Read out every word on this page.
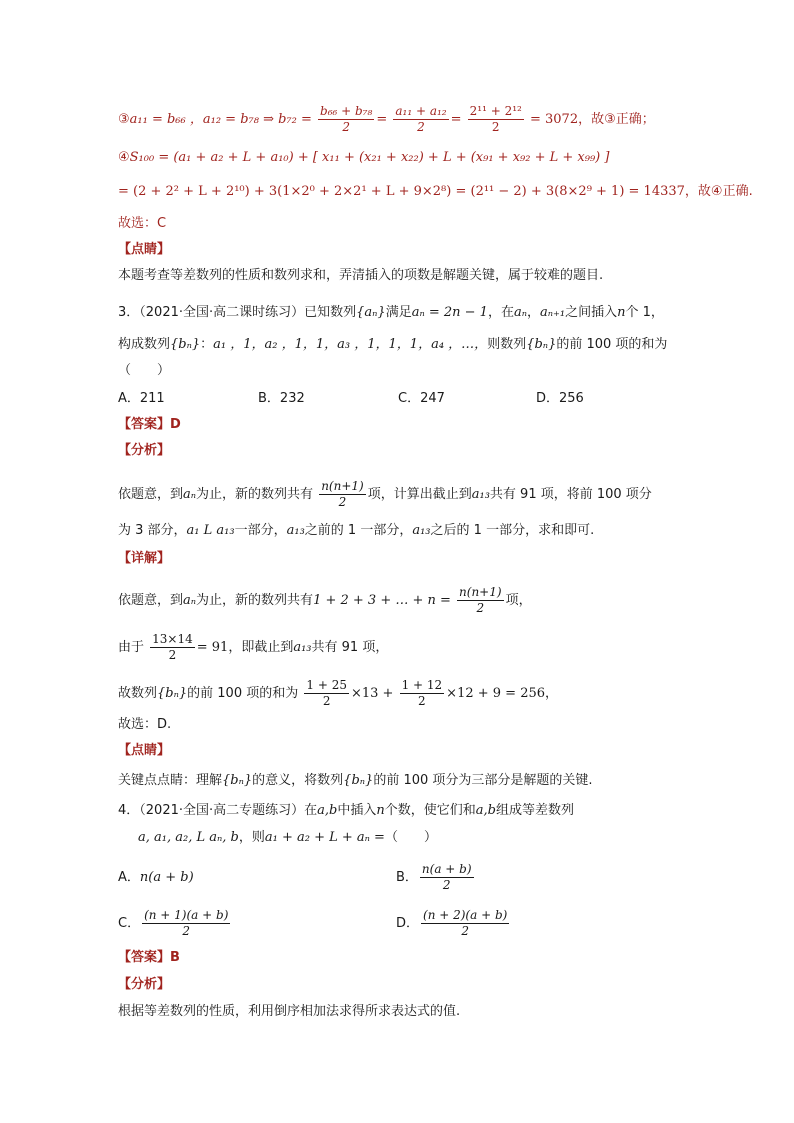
③a₁₁ = b₆₆ ，a₁₂ = b₇₈ ⇒ $b_{72} = \frac{\text{b₆₆ + b₇₈}}{2} = \frac{\text{a₁₁ + a₁₂}}{2} = \frac{\text{2¹¹ + 2¹²}}{2} = 3072$，故③正确；
④S₁₀₀ = (a₁ + a₂ + L + a₁₀) + [ x₁₁ + (x₂₁ + x₂₂) + L + (x₉₁ + x₉₂ + L + x₉₉) ]
= (2 + 2² + L + 2¹⁰) + 3(1×2⁰ + 2×2¹ + L + 9×2⁸) = (2¹¹ − 2) + 3(8×2⁹ + 1) = 14337，故④正确.
故选：C
【点睛】
本题考查等差数列的性质和数列求和，弄清插入的项数是解题关键，属于较难的题目.
3．（2021·全国·高二课时练习）已知数列{aₙ}满足aₙ = 2n − 1，在aₙ，aₙ₊₁之间插入n个 1，
构成数列{bₙ}：a₁ ，1，a₂ ，1，1，a₃ ，1，1，1，a₄ ，…，则数列{bₙ}的前 100 项的和为
（　　）
A．211	B．232	C．247	D．256
【答案】D
【分析】
依题意，到aₙ为止，新的数列共有 $\frac{n(n+1)}{2}$ 项，计算出截止到a₁₃共有 91 项，将前 100 项分
为 3 部分，a₁ L a₁₃一部分，a₁₃之前的 1 一部分，a₁₃之后的 1 一部分，求和即可.
【详解】
依题意，到aₙ为止，新的数列共有1 + 2 + 3 + … + $n = \frac{n(n+1)}{2}$ 项，
由于 $\frac{13\times 14}{2} = 91$，即截止到a₁₃共有 91 项，
故数列{bₙ}的前 100 项的和为 $\frac{1 + 25}{2} \times 13 + \frac{1 + 12}{2} \times 12 + 9 = 256$，
故选：D.
【点睛】
关键点点睛：理解{bₙ}的意义，将数列{bₙ}的前 100 项分为三部分是解题的关键.
4．（2021·全国·高二专题练习）在a,b中插入n个数，使它们和a,b组成等差数列
a, a₁, a₂, L aₙ, b，则a₁ + a₂ + L + aₙ =（　　）
A．n(a + b)	B． $\frac{n(a + b)}{2}$
C． $\frac{(n + 1)(a + b)}{2}$	D． $\frac{(n + 2)(a + b)}{2}$
【答案】B
【分析】
根据等差数列的性质，利用倒序相加法求得所求表达式的值.
